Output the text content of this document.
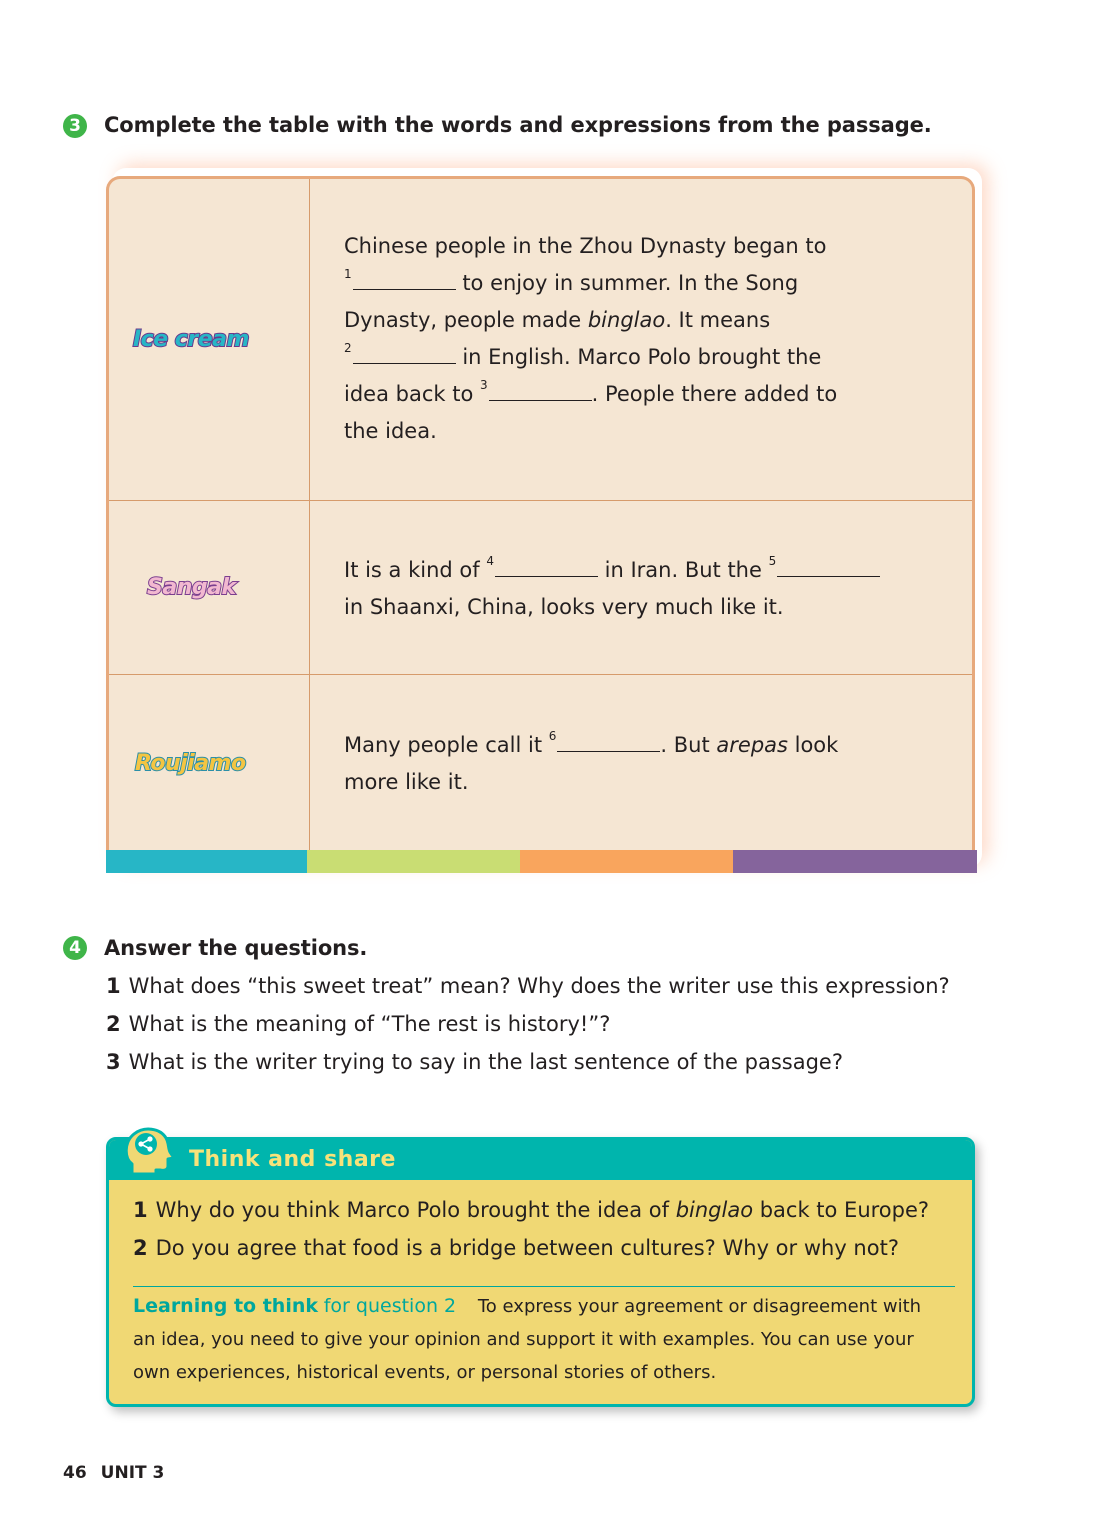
3 Complete the table with the words and expressions from the passage.
Ice cream
Chinese people in the Zhou Dynasty began to
$^1$	to enjoy in summer. In the Song
Dynasty, people made binglao. It means
$^2$	in English. Marco Polo brought the
idea back to $^3$	. People there added to
the idea.
Sangak
It is a kind of $^4$	in Iran. But the $^5$
in Shaanxi, China, looks very much like it.
Roujiamo
Many people call it $^6$	. But arepas look
more like it.
4 Answer the questions.
1 What does “this sweet treat” mean? Why does the writer use this expression?
2 What is the meaning of “The rest is history!”?
3 What is the writer trying to say in the last sentence of the passage?
Think and share
1 Why do you think Marco Polo brought the idea of binglao back to Europe?
2 Do you agree that food is a bridge between cultures? Why or why not?
Learning to think for question 2 To express your agreement or disagreement with an idea, you need to give your opinion and support it with examples. You can use your own experiences, historical events, or personal stories of others.
46 UNIT 3
